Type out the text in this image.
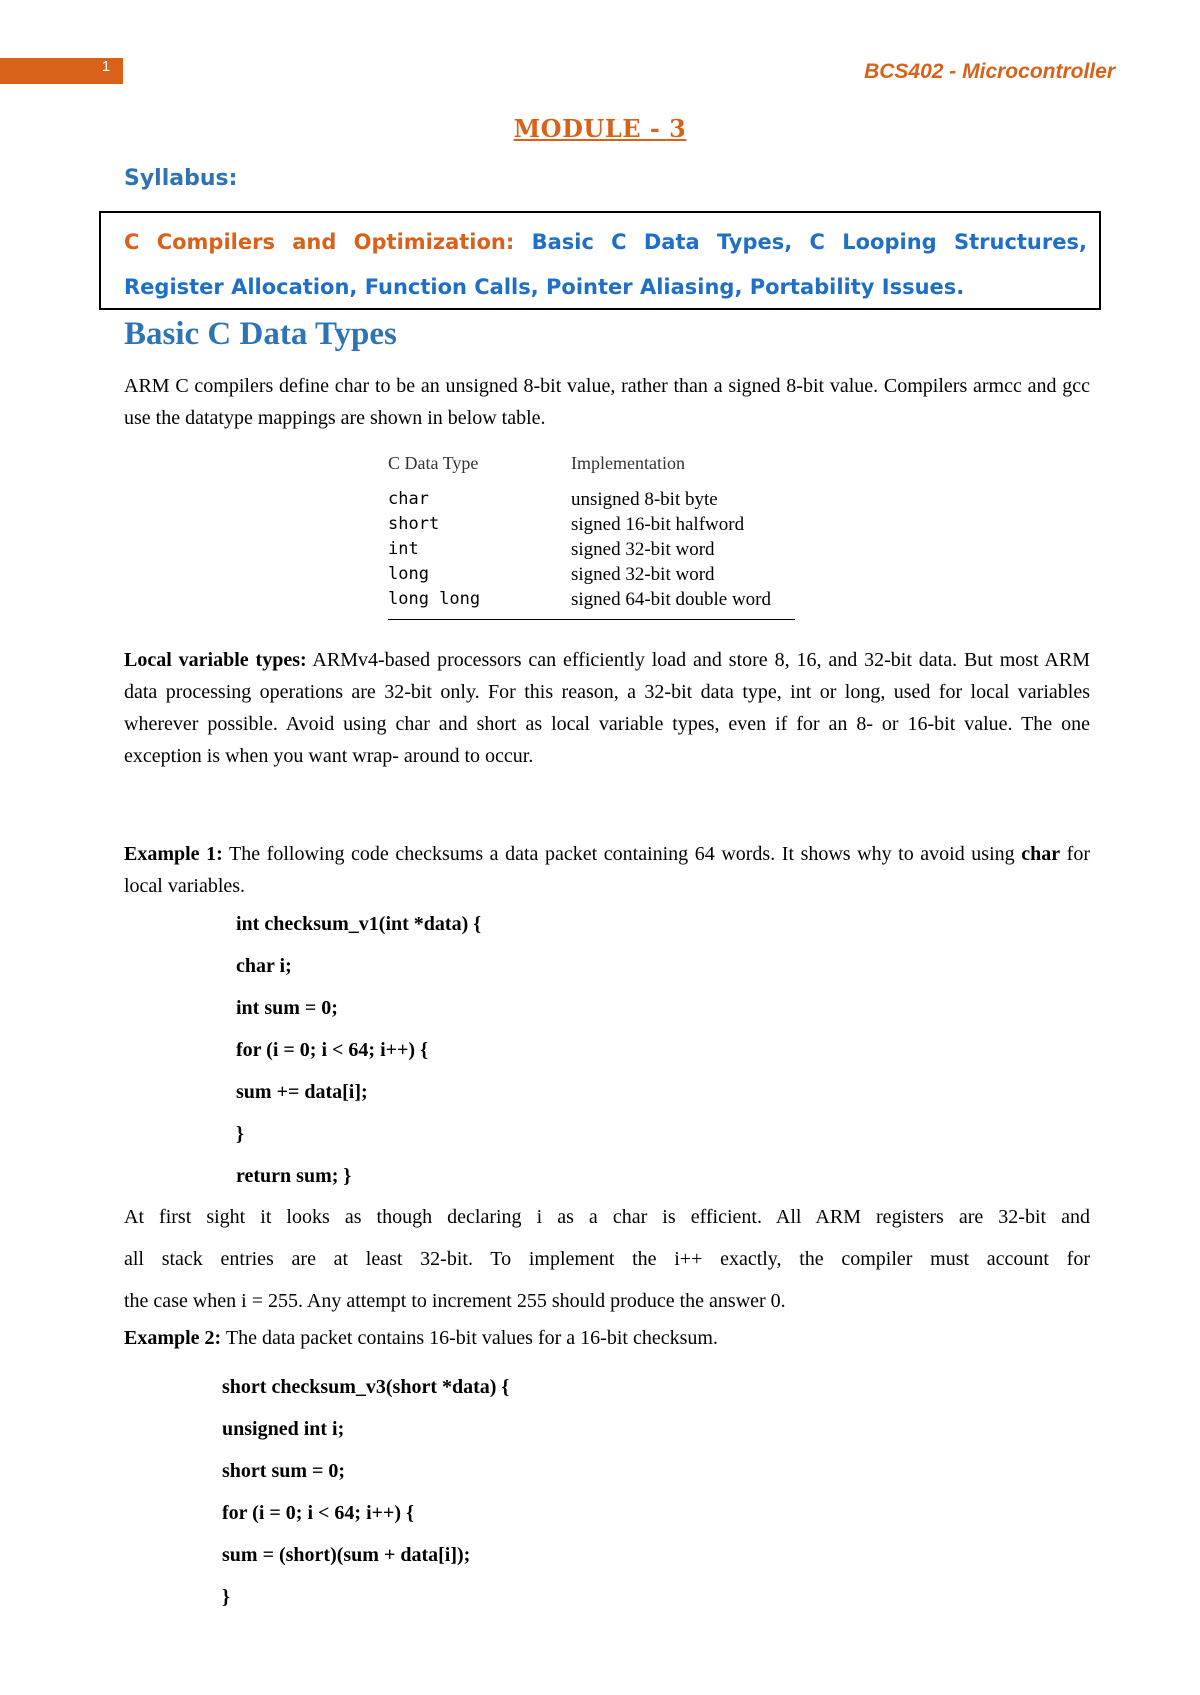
1	BCS402 - Microcontroller
MODULE - 3
Syllabus:
C Compilers and Optimization: Basic C Data Types, C Looping Structures,
Register Allocation, Function Calls, Pointer Aliasing, Portability Issues.
Basic C Data Types
ARM C compilers define char to be an unsigned 8-bit value, rather than a signed 8-bit value. Compilers armcc and gcc use the datatype mappings are shown in below table.
C Data Type	Implementation
char	unsigned 8-bit byte
short	signed 16-bit halfword
int	signed 32-bit word
long	signed 32-bit word
long long	signed 64-bit double word
Local variable types: ARMv4-based processors can efficiently load and store 8, 16, and 32-bit data. But most ARM data processing operations are 32-bit only. For this reason, a 32-bit data type, int or long, used for local variables wherever possible. Avoid using char and short as local variable types, even if for an 8- or 16-bit value. The one exception is when you want wrap- around to occur.
Example 1: The following code checksums a data packet containing 64 words. It shows why to avoid using char for local variables.
int checksum_v1(int *data) {
char i;
int sum = 0;
for (i = 0; i < 64; i++) {
sum += data[i];
}
return sum; }
At first sight it looks as though declaring i as a char is efficient. All ARM registers are 32-bit and
all stack entries are at least 32-bit. To implement the i++ exactly, the compiler must account for
the case when i = 255. Any attempt to increment 255 should produce the answer 0.
Example 2: The data packet contains 16-bit values for a 16-bit checksum.
short checksum_v3(short *data) {
unsigned int i;
short sum = 0;
for (i = 0; i < 64; i++) {
sum = (short)(sum + data[i]);
}
